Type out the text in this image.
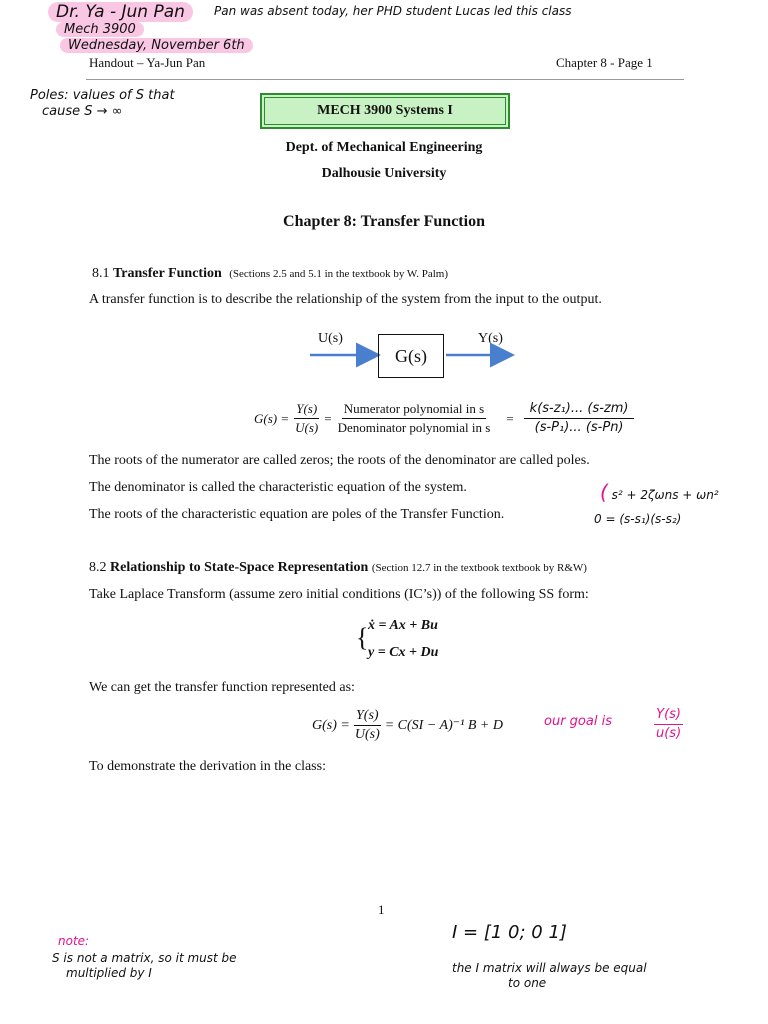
Dr. Ya - Jun Pan	Pan was absent today, her PHD student Lucas led this class
Mech 3900
Wednesday, November 6th
Handout – Ya-Jun Pan	Chapter 8 - Page 1
Poles: values of S that
cause S → ∞	MECH 3900 Systems I
Dept. of Mechanical Engineering
Dalhousie University
Chapter 8: Transfer Function
8.1 Transfer Function (Sections 2.5 and 5.1 in the textbook by W. Palm)
A transfer function is to describe the relationship of the system from the input to the output.
U(s)	Y(s)
G(s)
$G(s) = \frac{Y(s)}{U(s)} = \frac{\text{Numerator polynomial in s}}{\text{Denominator polynomial in s}} = \frac{\text{k(s-z₁)... (s-zm)}}{\text{(s-P₁)... (s-Pn)}}$
The roots of the numerator are called zeros; the roots of the denominator are called poles.
The denominator is called the characteristic equation of the system.
The roots of the characteristic equation are poles of the Transfer Function.
( s² + 2ζωns + ωn²
0 = (s-s₁)(s-s₂)
8.2 Relationship to State-Space Representation (Section 12.7 in the textbook textbook by R&W)
Take Laplace Transform (assume zero initial conditions (IC’s)) of the following SS form:
{ ẋ = Ax + Bu
y = Cx + Du
We can get the transfer function represented as:
$G(s) = \frac{Y(s)}{U(s)} = C(SI - A)^{-1}$ B + D	our goal is	$\frac{Y(s)}{u(s)}$
To demonstrate the derivation in the class:
1
note:
S is not a matrix, so it must be
multiplied by I
I = [1 0; 0 1]
the I matrix will always be equal
to one
